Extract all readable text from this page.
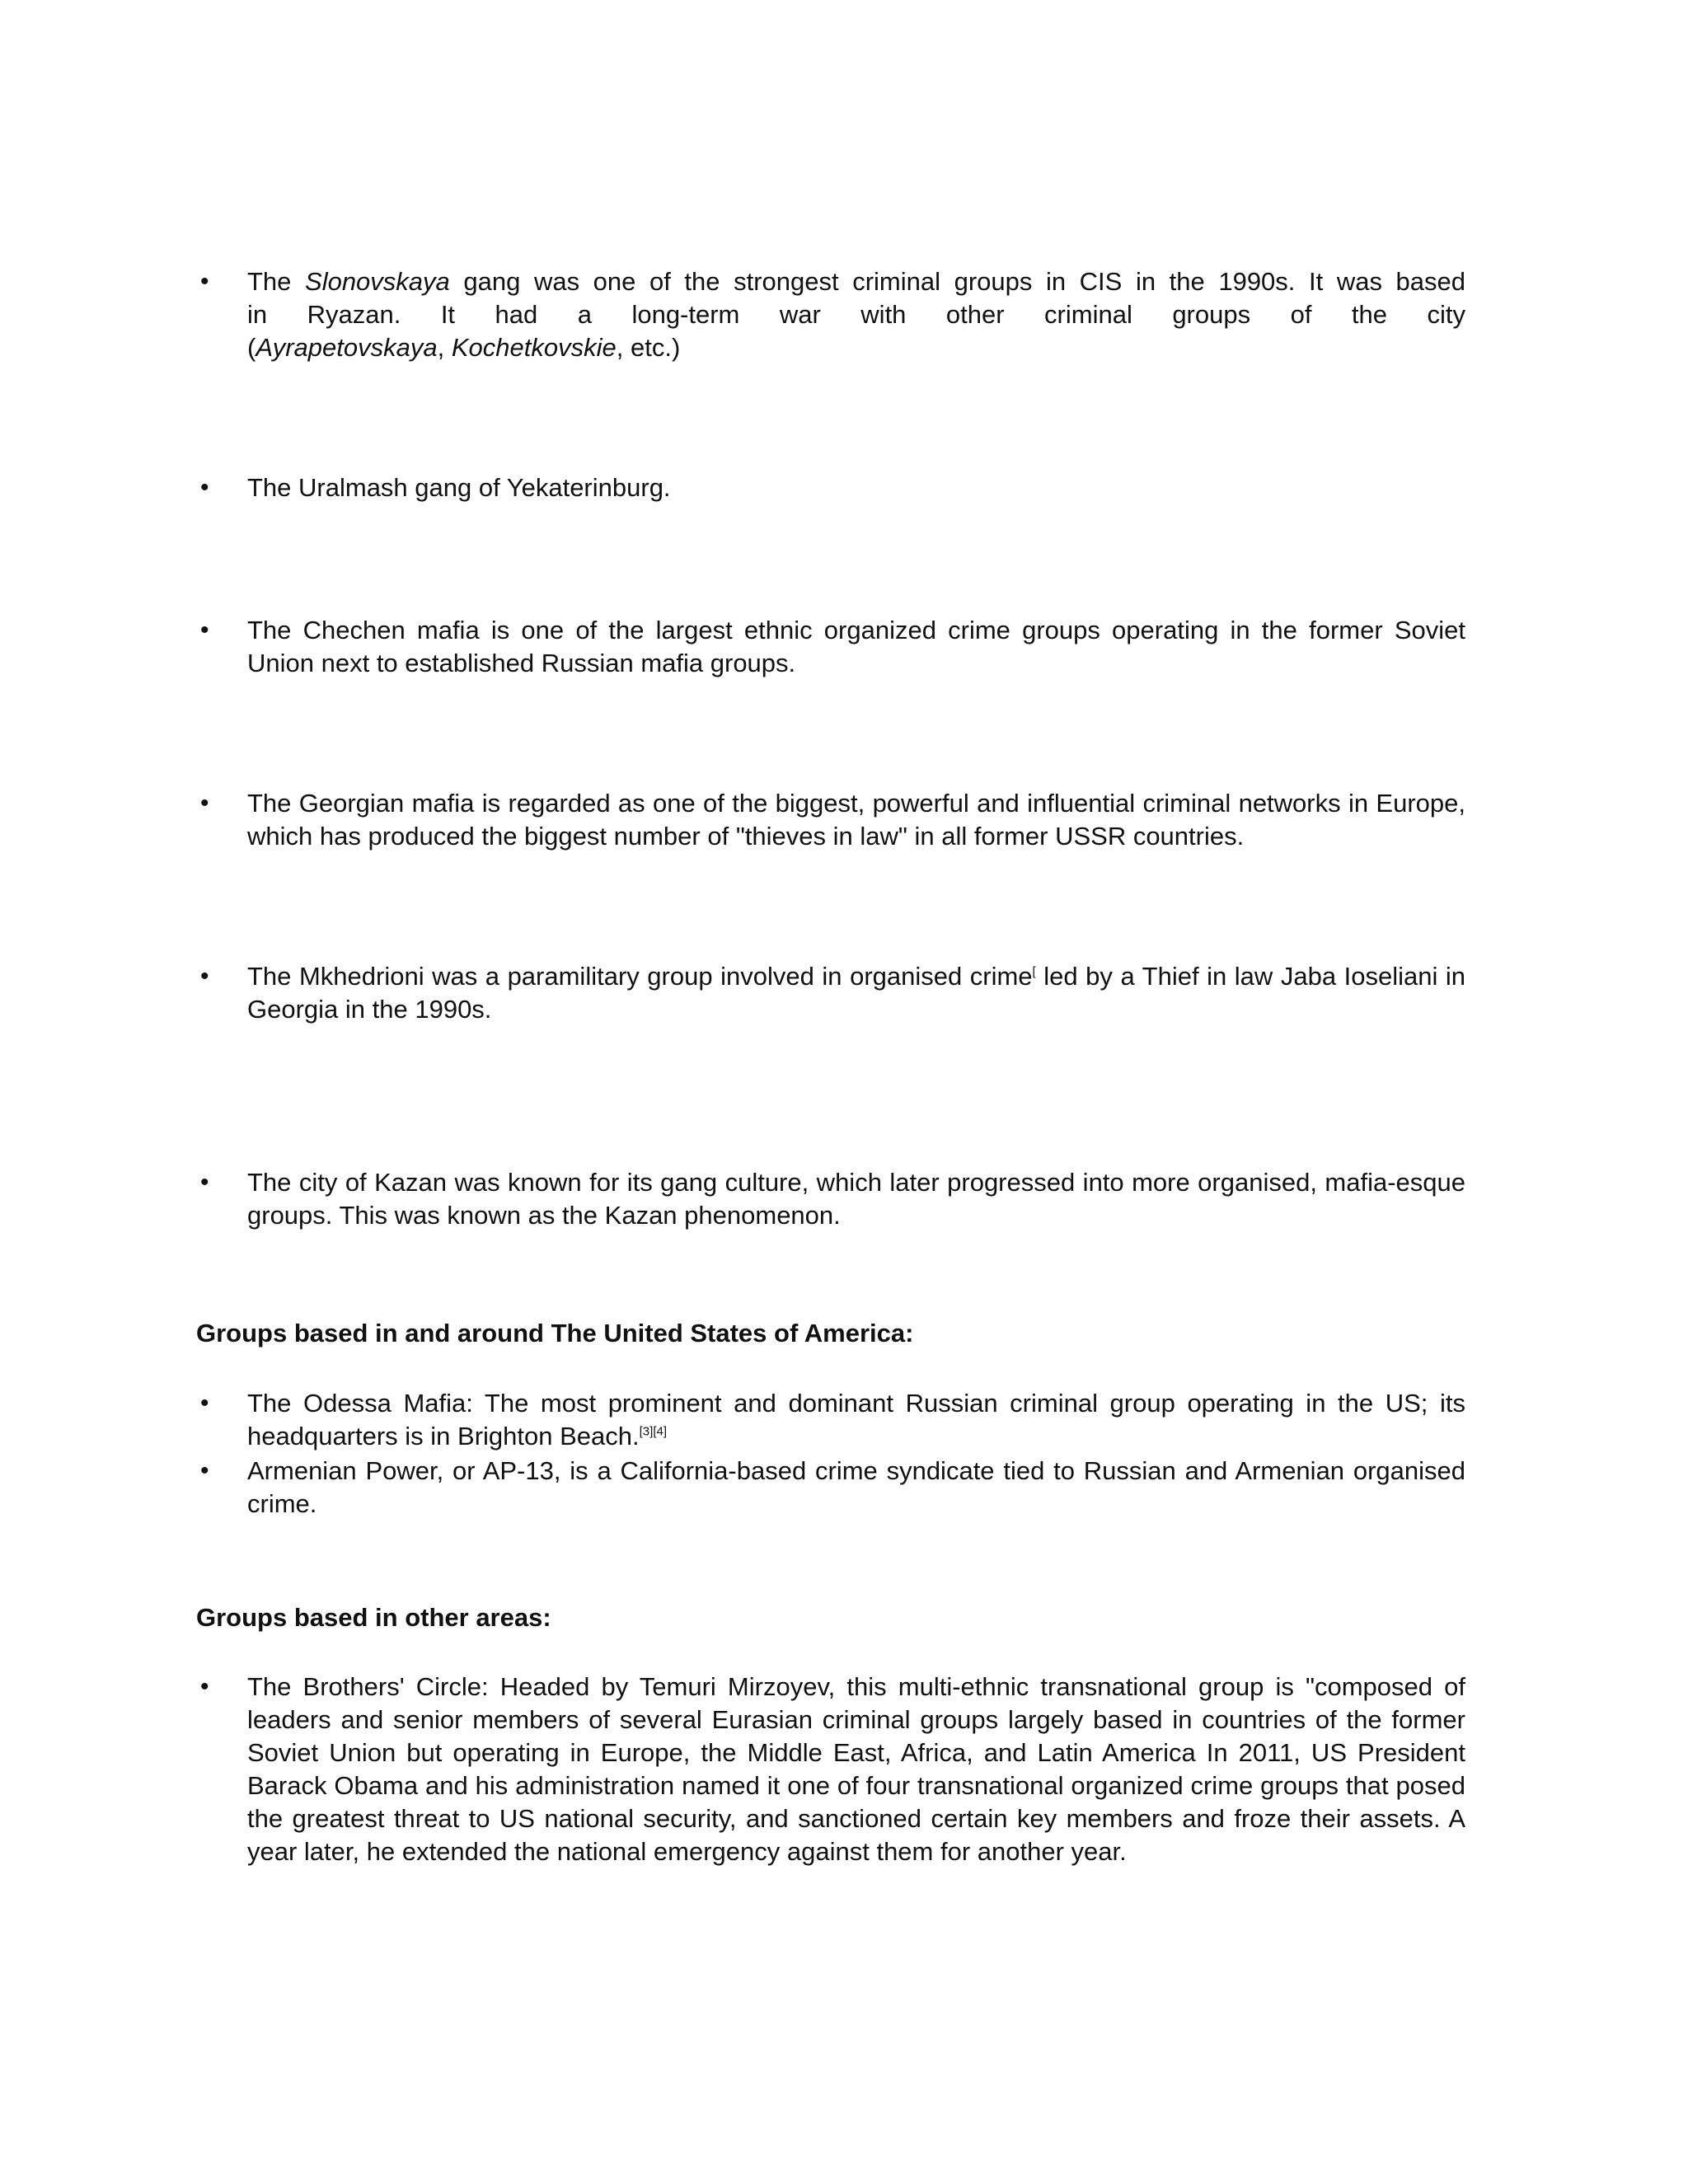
• The Slonovskaya gang was one of the strongest criminal groups in CIS in the 1990s. It was based

in Ryazan. It had a long-term war with other criminal groups of the city

(Ayrapetovskaya, Kochetkovskie, etc.)

• The Uralmash gang of Yekaterinburg.

• The Chechen mafia is one of the largest ethnic organized crime groups operating in the former Soviet Union next to established Russian mafia groups.

• The Georgian mafia is regarded as one of the biggest, powerful and influential criminal networks in Europe, which has produced the biggest number of "thieves in law" in all former USSR countries.

• The Mkhedrioni was a paramilitary group involved in organised crime[ led by a Thief in law Jaba Ioseliani in Georgia in the 1990s.

• The city of Kazan was known for its gang culture, which later progressed into more organised, mafia-esque groups. This was known as the Kazan phenomenon.

Groups based in and around The United States of America:
• The Odessa Mafia: The most prominent and dominant Russian criminal group operating in the US; its headquarters is in Brighton Beach.[3][4]

• Armenian Power, or AP-13, is a California-based crime syndicate tied to Russian and Armenian organised crime.

Groups based in other areas:
• The Brothers' Circle: Headed by Temuri Mirzoyev, this multi-ethnic transnational group is "composed of leaders and senior members of several Eurasian criminal groups largely based in countries of the former Soviet Union but operating in Europe, the Middle East, Africa, and Latin America In 2011, US President Barack Obama and his administration named it one of four transnational organized crime groups that posed the greatest threat to US national security, and sanctioned certain key members and froze their assets. A year later, he extended the national emergency against them for another year.
